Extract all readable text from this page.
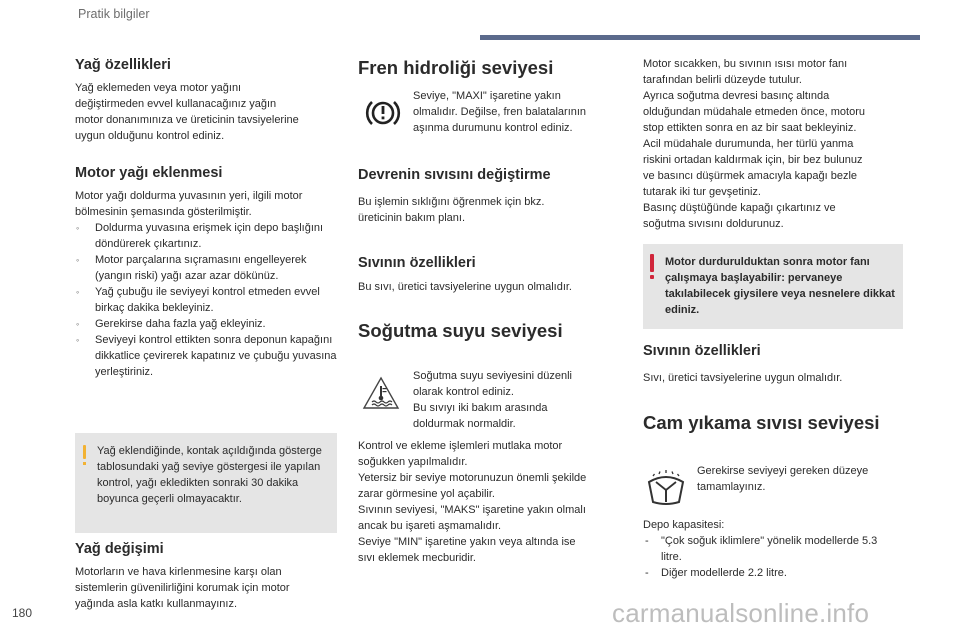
Pratik bilgiler
Yağ özellikleri

Yağ eklemeden veya motor yağını
değiştirmeden evvel kullanacağınız yağın
motor donanımınıza ve üreticinin tavsiyelerine
uygun olduğunu kontrol ediniz.

Motor yağı eklenmesi

Motor yağı doldurma yuvasının yeri, ilgili motor
bölmesinin şemasında gösterilmiştir.

◦ Doldurma yuvasına erişmek için depo başlığını döndürerek çıkartınız.
◦ Motor parçalarına sıçramasını engelleyerek (yangın riski) yağı azar azar dökünüz.
◦ Yağ çubuğu ile seviyeyi kontrol etmeden evvel birkaç dakika bekleyiniz.
◦ Gerekirse daha fazla yağ ekleyiniz.
◦ Seviyeyi kontrol ettikten sonra deponun kapağını dikkatlice çevirerek kapatınız ve çubuğu yuvasına yerleştiriniz.

Yağ eklendiğinde, kontak açıldığında gösterge tablosundaki yağ seviye göstergesi ile yapılan kontrol, yağı ekledikten sonraki 30 dakika boyunca geçerli olmayacaktır.

Yağ değişimi

Motorların ve hava kirlenmesine karşı olan
sistemlerin güvenilirliğini korumak için motor
yağında asla katkı kullanmayınız.

Fren hidroliği seviyesi

Seviye, "MAXI" işaretine yakın
olmalıdır. Değilse, fren balatalarının
aşınma durumunu kontrol ediniz.

Devrenin sıvısını değiştirme

Bu işlemin sıklığını öğrenmek için bkz.
üreticinin bakım planı.

Sıvının özellikleri

Bu sıvı, üretici tavsiyelerine uygun olmalıdır.

Soğutma suyu seviyesi

Soğutma suyu seviyesini düzenli
olarak kontrol ediniz.
Bu sıvıyı iki bakım arasında
doldurmak normaldir.

Kontrol ve ekleme işlemleri mutlaka motor
soğukken yapılmalıdır.
Yetersiz bir seviye motorunuzun önemli şekilde
zarar görmesine yol açabilir.
Sıvının seviyesi, "MAKS" işaretine yakın olmalı
ancak bu işareti aşmamalıdır.
Seviye "MIN" işaretine yakın veya altında ise
sıvı eklemek mecburidir.

Motor sıcakken, bu sıvının ısısı motor fanı
tarafından belirli düzeyde tutulur.
Ayrıca soğutma devresi basınç altında
olduğundan müdahale etmeden önce, motoru
stop ettikten sonra en az bir saat bekleyiniz.
Acil müdahale durumunda, her türlü yanma
riskini ortadan kaldırmak için, bir bez bulunuz
ve basıncı düşürmek amacıyla kapağı bezle
tutarak iki tur gevşetiniz.
Basınç düştüğünde kapağı çıkartınız ve
soğutma sıvısını doldurunuz.

Motor durdurulduktan sonra motor fanı çalışmaya başlayabilir: pervaneye takılabilecek giysilere veya nesnelere dikkat ediniz.

Sıvının özellikleri

Sıvı, üretici tavsiyelerine uygun olmalıdır.

Cam yıkama sıvısı seviyesi

Gerekirse seviyeyi gereken düzeye
tamamlayınız.

Depo kapasitesi:

- "Çok soğuk iklimlere" yönelik modellerde 5.3 litre.
- Diğer modellerde 2.2 litre.
180	carmanualsonline.info
